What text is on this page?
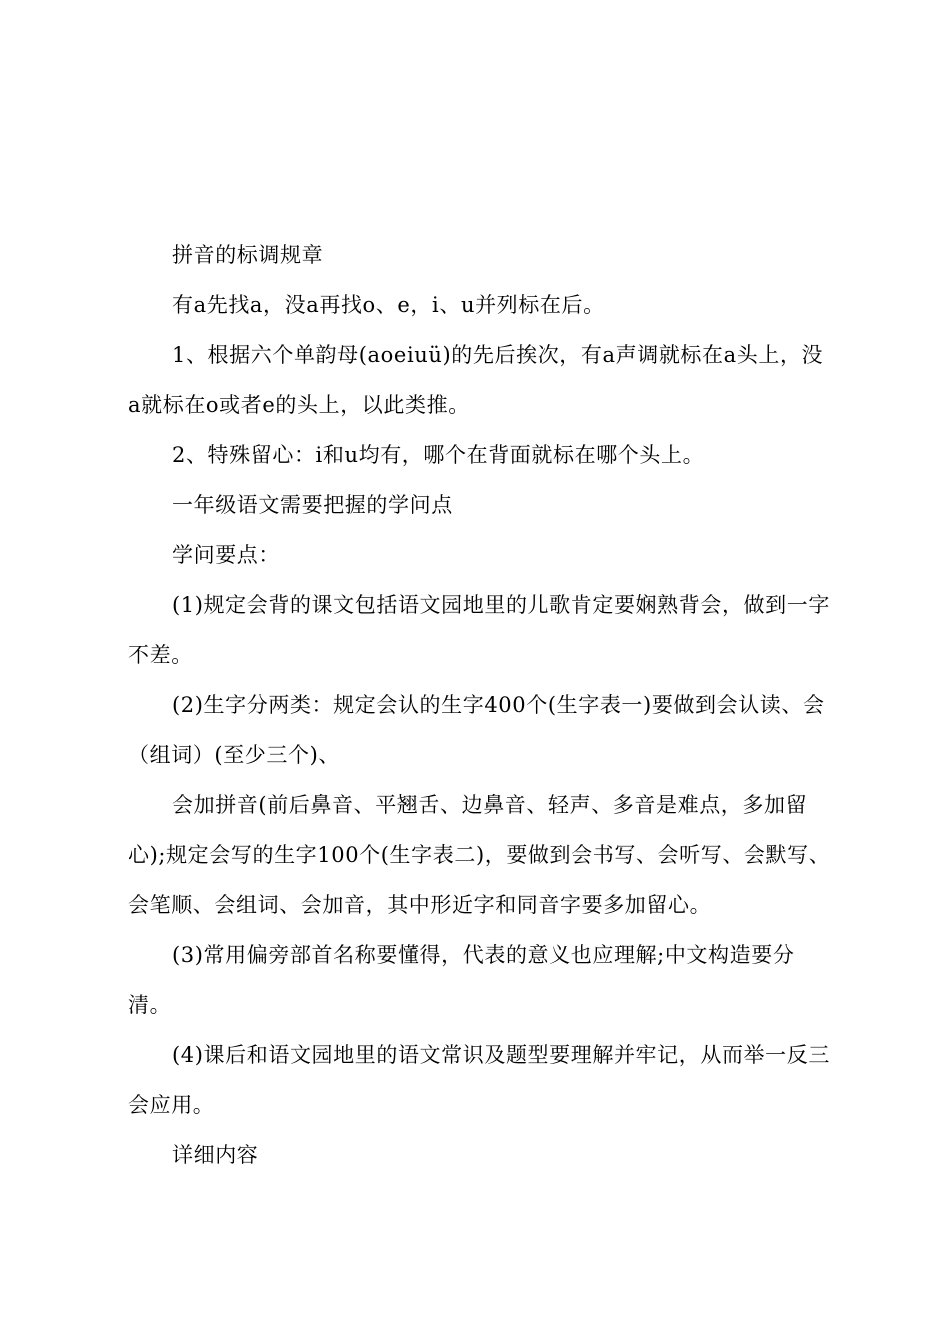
拼音的标调规章

有a先找a，没a再找o、e，i、u并列标在后。

1、根据六个单韵母(aoeiuü)的先后挨次，有a声调就标在a头上，没a就标在o或者e的头上，以此类推。

2、特殊留心：i和u均有，哪个在背面就标在哪个头上。

一年级语文需要把握的学问点

学问要点：

(1)规定会背的课文包括语文园地里的儿歌肯定要娴熟背会，做到一字不差。

(2)生字分两类：规定会认的生字400个(生字表一)要做到会认读、会（组词）(至少三个)、

会加拼音(前后鼻音、平翘舌、边鼻音、轻声、多音是难点，多加留心);规定会写的生字100个(生字表二)，要做到会书写、会听写、会默写、会笔顺、会组词、会加音，其中形近字和同音字要多加留心。

(3)常用偏旁部首名称要懂得，代表的意义也应理解;中文构造要分清。

(4)课后和语文园地里的语文常识及题型要理解并牢记，从而举一反三会应用。

详细内容
